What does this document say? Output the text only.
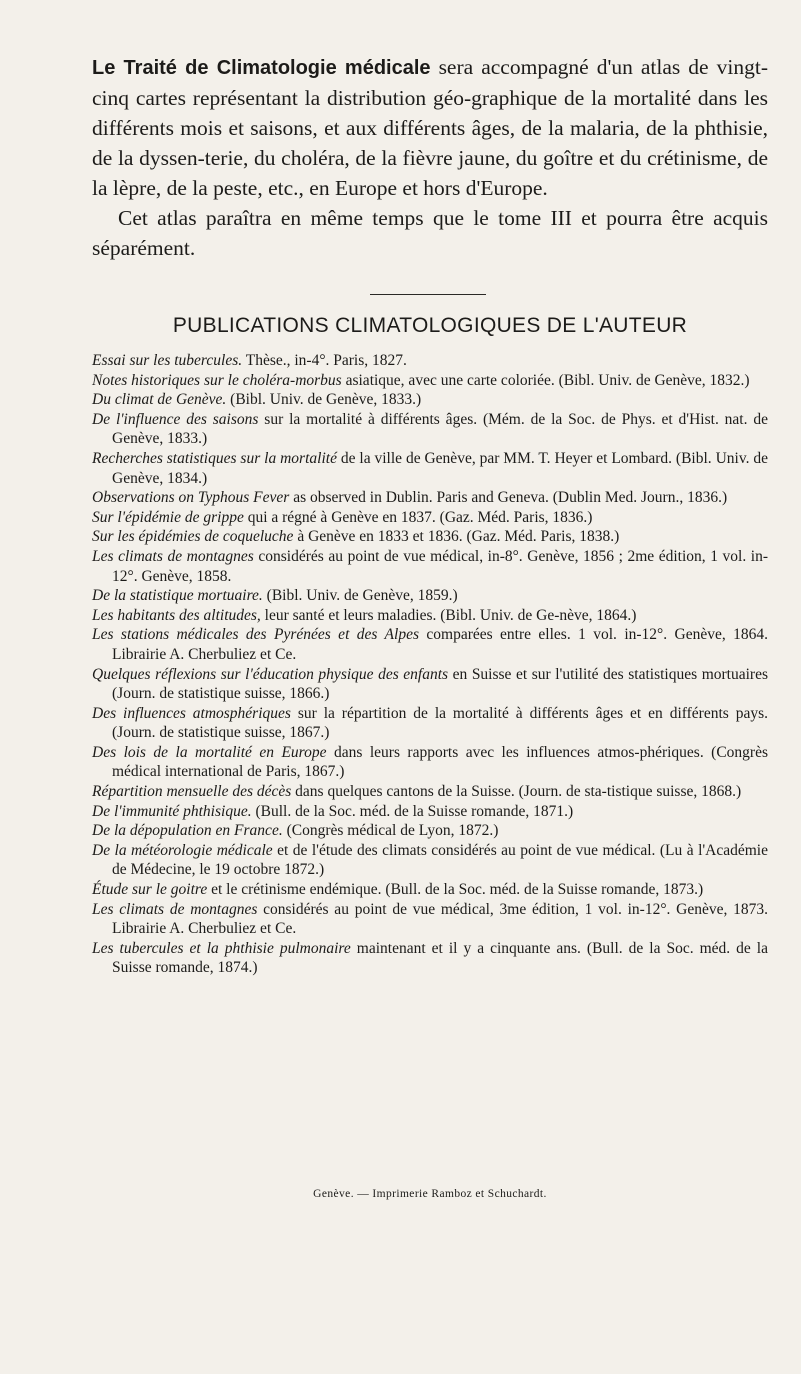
Le Traité de Climatologie médicale sera accompagné d'un atlas de vingt-cinq cartes représentant la distribution géo-graphique de la mortalité dans les différents mois et saisons, et aux différents âges, de la malaria, de la phthisie, de la dyssen-terie, du choléra, de la fièvre jaune, du goître et du crétinisme, de la lèpre, de la peste, etc., en Europe et hors d'Europe.

Cet atlas paraîtra en même temps que le tome III et pourra être acquis séparément.

PUBLICATIONS CLIMATOLOGIQUES DE L'AUTEUR

Essai sur les tubercules. Thèse., in-4°. Paris, 1827.

Notes historiques sur le choléra-morbus asiatique, avec une carte coloriée. (Bibl. Univ. de Genève, 1832.)

Du climat de Genève. (Bibl. Univ. de Genève, 1833.)

De l'influence des saisons sur la mortalité à différents âges. (Mém. de la Soc. de Phys. et d'Hist. nat. de Genève, 1833.)

Recherches statistiques sur la mortalité de la ville de Genève, par MM. T. Heyer et Lombard. (Bibl. Univ. de Genève, 1834.)

Observations on Typhous Fever as observed in Dublin. Paris and Geneva. (Dublin Med. Journ., 1836.)

Sur l'épidémie de grippe qui a régné à Genève en 1837. (Gaz. Méd. Paris, 1836.)

Sur les épidémies de coqueluche à Genève en 1833 et 1836. (Gaz. Méd. Paris, 1838.)

Les climats de montagnes considérés au point de vue médical, in-8°. Genève, 1856 ; 2me édition, 1 vol. in-12°. Genève, 1858.

De la statistique mortuaire. (Bibl. Univ. de Genève, 1859.)

Les habitants des altitudes, leur santé et leurs maladies. (Bibl. Univ. de Ge-nève, 1864.)

Les stations médicales des Pyrénées et des Alpes comparées entre elles. 1 vol. in-12°. Genève, 1864. Librairie A. Cherbuliez et Ce.

Quelques réflexions sur l'éducation physique des enfants en Suisse et sur l'utilité des statistiques mortuaires (Journ. de statistique suisse, 1866.)

Des influences atmosphériques sur la répartition de la mortalité à différents âges et en différents pays. (Journ. de statistique suisse, 1867.)

Des lois de la mortalité en Europe dans leurs rapports avec les influences atmos-phériques. (Congrès médical international de Paris, 1867.)

Répartition mensuelle des décès dans quelques cantons de la Suisse. (Journ. de sta-tistique suisse, 1868.)

De l'immunité phthisique. (Bull. de la Soc. méd. de la Suisse romande, 1871.)

De la dépopulation en France. (Congrès médical de Lyon, 1872.)

De la météorologie médicale et de l'étude des climats considérés au point de vue médical. (Lu à l'Académie de Médecine, le 19 octobre 1872.)

Étude sur le goitre et le crétinisme endémique. (Bull. de la Soc. méd. de la Suisse romande, 1873.)

Les climats de montagnes considérés au point de vue médical, 3me édition, 1 vol. in-12°. Genève, 1873. Librairie A. Cherbuliez et Ce.

Les tubercules et la phthisie pulmonaire maintenant et il y a cinquante ans. (Bull. de la Soc. méd. de la Suisse romande, 1874.)

Genève. — Imprimerie Ramboz et Schuchardt.
